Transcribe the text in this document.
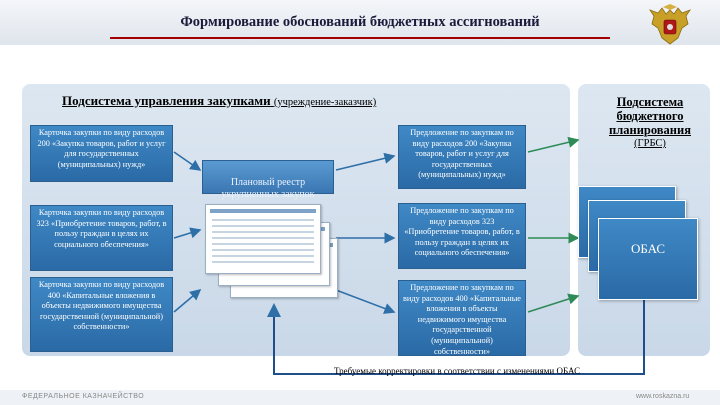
Формирование обоснований бюджетных ассигнований
Подсистема управления закупками (учреждение-заказчик)
Карточка закупки по виду расходов 200 «Закупка товаров, работ и услуг для государственных (муниципальных) нужд»
Карточка закупки по виду расходов 323 «Приобретение товаров, работ, в пользу граждан в целях их социального обеспечения»
Карточка закупки по виду расходов 400 «Капитальные вложения в объекты недвижимого имущества государственной (муниципальной) собственности»
Плановый реестр укрупненных закупок
Предложение по закупкам по виду расходов 200 «Закупка товаров, работ и услуг для государственных (муниципальных) нужд»
Предложение по закупкам по виду расходов 323 «Приобретение товаров, работ, в пользу граждан в целях их социального обеспечения»
Предложение по закупкам по виду расходов 400 «Капитальные вложения в объекты недвижимого имущества государственной (муниципальной) собственности»
Подсистема
бюджетного
планирования
(ГРБС)
ОБАС
Требуемые корректировки в соответствии с изменениями ОБАС
ФЕДЕРАЛЬНОЕ КАЗНАЧЕЙСТВО	www.roskazna.ru
